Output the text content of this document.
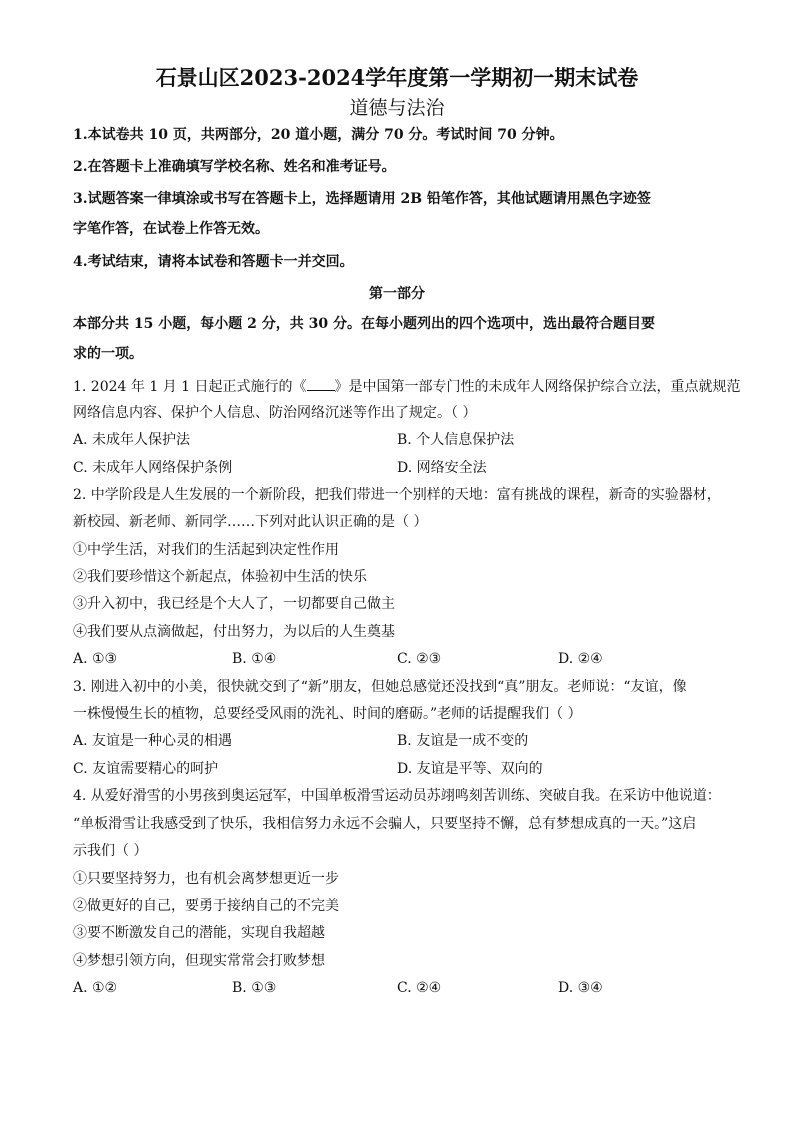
石景山区2023-2024学年度第一学期初一期末试卷
道德与法治
1.本试卷共 10 页，共两部分，20 道小题，满分 70 分。考试时间 70 分钟。
2.在答题卡上准确填写学校名称、姓名和准考证号。
3.试题答案一律填涂或书写在答题卡上，选择题请用 2B 铅笔作答，其他试题请用黑色字迹签
字笔作答，在试卷上作答无效。
4.考试结束，请将本试卷和答题卡一并交回。
第一部分
本部分共 15 小题，每小题 2 分，共 30 分。在每小题列出的四个选项中，选出最符合题目要
求的一项。
1. 2024 年 1 月 1 日起正式施行的《 》是中国第一部专门性的未成年人网络保护综合立法，重点就规范
网络信息内容、保护个人信息、防治网络沉迷等作出了规定。（ ）
A. 未成年人保护法	B. 个人信息保护法
C. 未成年人网络保护条例	D. 网络安全法
2. 中学阶段是人生发展的一个新阶段，把我们带进一个别样的天地：富有挑战的课程，新奇的实验器材，
新校园、新老师、新同学……下列对此认识正确的是（ ）
①中学生活，对我们的生活起到决定性作用
②我们要珍惜这个新起点，体验初中生活的快乐
③升入初中，我已经是个大人了，一切都要自己做主
④我们要从点滴做起，付出努力，为以后的人生奠基
A. ①③	B. ①④	C. ②③	D. ②④
3. 刚进入初中的小美，很快就交到了“新”朋友，但她总感觉还没找到“真”朋友。老师说：“友谊，像
一株慢慢生长的植物，总要经受风雨的洗礼、时间的磨砺。”老师的话提醒我们（ ）
A. 友谊是一种心灵的相遇	B. 友谊是一成不变的
C. 友谊需要精心的呵护	D. 友谊是平等、双向的
4. 从爱好滑雪的小男孩到奥运冠军，中国单板滑雪运动员苏翊鸣刻苦训练、突破自我。在采访中他说道：
“单板滑雪让我感受到了快乐，我相信努力永远不会骗人，只要坚持不懈，总有梦想成真的一天。”这启
示我们（ ）
①只要坚持努力，也有机会离梦想更近一步
②做更好的自己，要勇于接纳自己的不完美
③要不断激发自己的潜能，实现自我超越
④梦想引领方向，但现实常常会打败梦想
A. ①②	B. ①③	C. ②④	D. ③④
